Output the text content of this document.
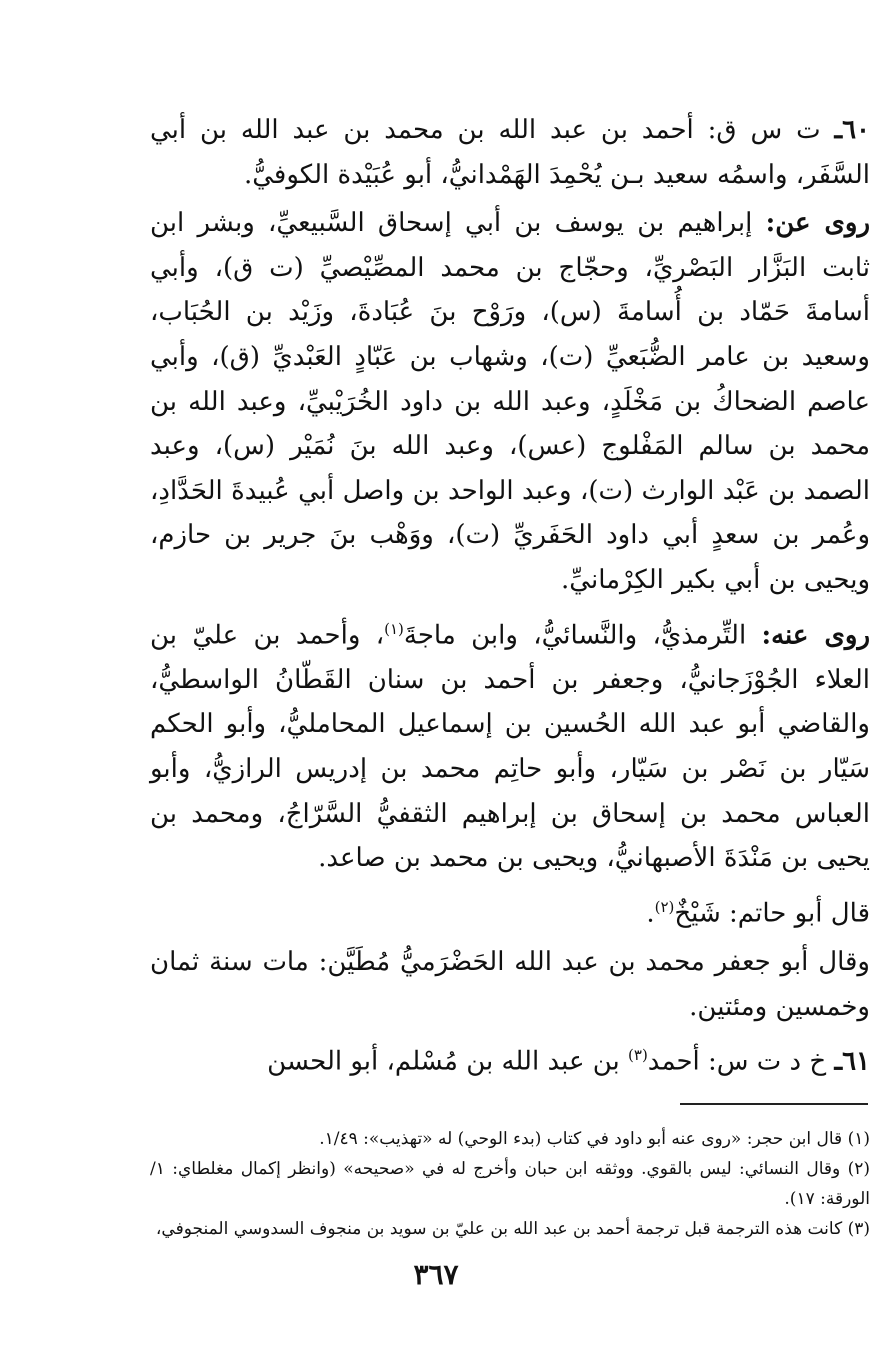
٦٠ـ ت س ق: أحمد بن عبد الله بن محمد بن عبد الله بن أبي السَّفَر، واسمُه سعيد بـن يُحْمِدَ الهَمْدانيُّ، أبو عُبَيْدة الكوفيُّ.

روى عن: إبراهيم بن يوسف بن أبي إسحاق السَّبيعيِّ، وبشر ابن ثابت البَزَّار البَصْريِّ، وحجّاج بن محمد المصِّيْصيِّ (ت ق)، وأبي أسامةَ حَمّاد بن أُسامةَ (س)، ورَوْح بنَ عُبَادةَ، وزَيْد بن الحُبَاب، وسعيد بن عامر الضُّبَعيِّ (ت)، وشهاب بن عَبّادٍ العَبْديِّ (ق)، وأبي عاصم الضحاكُ بن مَخْلَدٍ، وعبد الله بن داود الخُرَيْبيِّ، وعبد الله بن محمد بن سالم المَفْلوج (عس)، وعبد الله بنَ نُمَيْر (س)، وعبد الصمد بن عَبْد الوارث (ت)، وعبد الواحد بن واصل أبي عُبيدةَ الحَدَّادِ، وعُمر بن سعدٍ أبي داود الحَفَريِّ (ت)، ووَهْب بنَ جرير بن حازم، ويحيى بن أبي بكير الكِرْمانيِّ.

روى عنه: التِّرمذيُّ، والنَّسائيُّ، وابن ماجةَ$^{(١)}$، وأحمد بن عليّ بن العلاء الجُوْزَجانيُّ، وجعفر بن أحمد بن سنان القَطّانُ الواسطيُّ، والقاضي أبو عبد الله الحُسين بن إسماعيل المحامليُّ، وأبو الحكم سَيّار بن نَصْر بن سَيّار، وأبو حاتِم محمد بن إدريس الرازيُّ، وأبو العباس محمد بن إسحاق بن إبراهيم الثقفيُّ السَّرّاجُ، ومحمد بن يحيى بن مَنْدَةَ الأصبهانيُّ، ويحيى بن محمد بن صاعد.

قال أبو حاتم: شَيْخٌ$^{(٢)}$.

وقال أبو جعفر محمد بن عبد الله الحَضْرَميُّ مُطَيَّن: مات سنة ثمان وخمسين ومئتين.

٦١ـ خ د ت س: أحمد$^{(٣)}$ بن عبد الله بن مُسْلم، أبو الحسن

(١) قال ابن حجر: «روى عنه أبو داود في كتاب (بدء الوحي) له «تهذيب»: ١/٤٩.

(٢) وقال النسائي: ليس بالقوي. ووثقه ابن حبان وأخرج له في «صحيحه» (وانظر إكمال مغلطاي: ١/الورقة: ١٧).

(٣) كانت هذه الترجمة قبل ترجمة أحمد بن عبد الله بن عليّ بن سويد بن منجوف السدوسي المنجوفي،

٣٦٧
